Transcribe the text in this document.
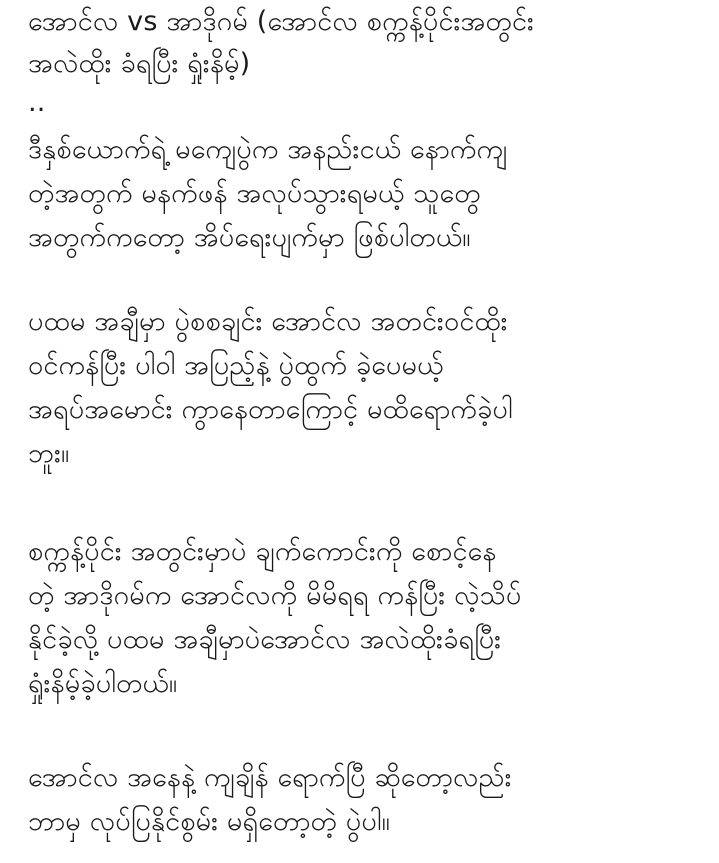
အောင်လ vs အာဒိုဂမ် (အောင်လ စက္ကန့်ပိုင်းအတွင်း
အလဲထိုး ခံရပြီး ရှုံးနိမ့်)
..
ဒီနှစ်ယောက်ရဲ့ မကျေပွဲက အနည်းငယ် နောက်ကျ
တဲ့အတွက် မနက်ဖန် အလုပ်သွားရမယ့် သူတွေ
အတွက်ကတော့ အိပ်ရေးပျက်မှာ ဖြစ်ပါတယ်။
ပထမ အချီမှာ ပွဲစစချင်း အောင်လ အတင်းဝင်ထိုး
ဝင်ကန်ပြီး ပါဝါ အပြည့်နဲ့ ပွဲထွက် ခဲ့ပေမယ့်
အရပ်အမောင်း ကွာနေတာကြောင့် မထိရောက်ခဲ့ပါ
ဘူး။
စက္ကန့်ပိုင်း အတွင်းမှာပဲ ချက်ကောင်းကို စောင့်နေ
တဲ့ အာဒိုဂမ်က အောင်လကို မိမိရရ ကန်ပြီး လဲ့သိပ်
နိုင်ခဲ့လို့ ပထမ အချီမှာပဲအောင်လ အလဲထိုးခံရပြီး
ရှုံးနိမ့်ခဲ့ပါတယ်။
အောင်လ အနေနဲ့ ကျချိန် ရောက်ပြီ ဆိုတော့လည်း
ဘာမှ လုပ်ပြနိုင်စွမ်း မရှိတော့တဲ့ ပွဲပါ။
